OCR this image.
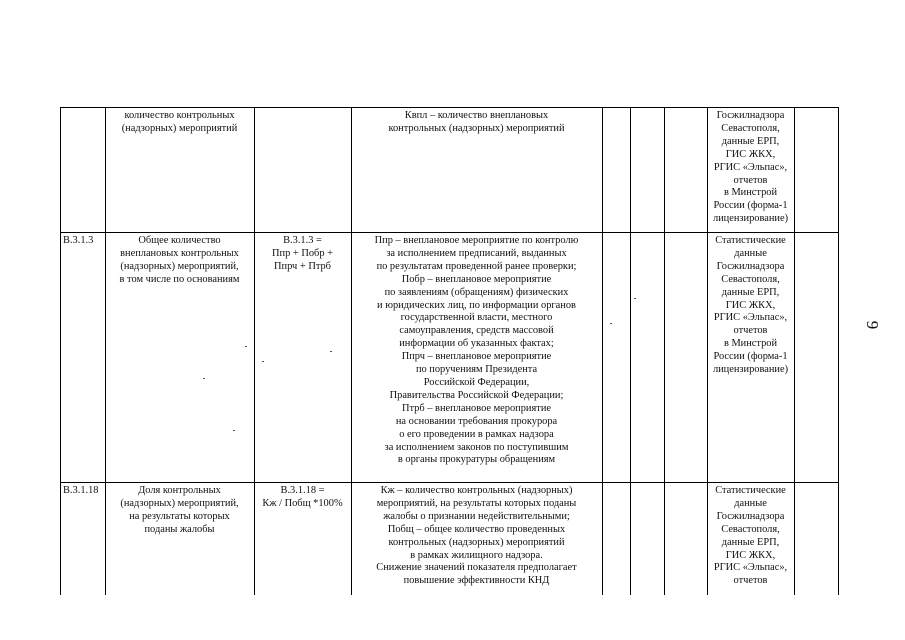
9
количество контрольных
(надзорных) мероприятий
Квпл – количество внеплановых
контрольных (надзорных) мероприятий
Госжилнадзора
Севастополя,
данные ЕРП,
ГИС ЖКХ,
РГИС «Эльпас»,
отчетов
в Минстрой
России (форма-1
лицензирование)
В.3.1.3	Общее количество
внеплановых контрольных
(надзорных) мероприятий,
в том числе по основаниям
В.3.1.3 =
Ппр + Побр +
Ппрч + Птрб
Ппр – внеплановое мероприятие по контролю
за исполнением предписаний, выданных
по результатам проведенной ранее проверки;
Побр – внеплановое мероприятие
по заявлениям (обращениям) физических
и юридических лиц, по информации органов
государственной власти, местного
самоуправления, средств массовой
информации об указанных фактах;
Ппрч – внеплановое мероприятие
по поручениям Президента
Российской Федерации,
Правительства Российской Федерации;
Птрб – внеплановое мероприятие
на основании требования прокурора
о его проведении в рамках надзора
за исполнением законов по поступившим
в органы прокуратуры обращениям
Статистические
данные
Госжилнадзора
Севастополя,
данные ЕРП,
ГИС ЖКХ,
РГИС «Эльпас»,
отчетов
в Минстрой
России (форма-1
лицензирование)
В.3.1.18	Доля контрольных
(надзорных) мероприятий,
на результаты которых
поданы жалобы
В.3.1.18 =
Кж / Побщ *100%
Кж – количество контрольных (надзорных)
мероприятий, на результаты которых поданы
жалобы о признании недействительными;
Побщ – общее количество проведенных
контрольных (надзорных) мероприятий
в рамках жилищного надзора.
Снижение значений показателя предполагает
повышение эффективности КНД
Статистические
данные
Госжилнадзора
Севастополя,
данные ЕРП,
ГИС ЖКХ,
РГИС «Эльпас»,
отчетов
